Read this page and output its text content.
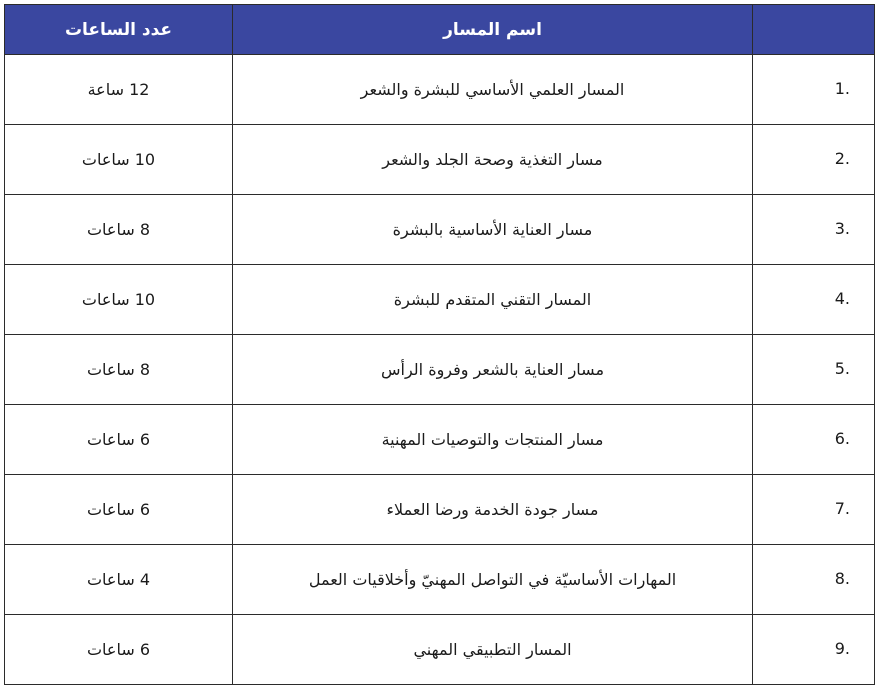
	اسم المسار	عدد الساعات
.1	المسار العلمي الأساسي للبشرة والشعر	12 ساعة
.2	مسار التغذية وصحة الجلد والشعر	10 ساعات
.3	مسار العناية الأساسية بالبشرة	8 ساعات
.4	المسار التقني المتقدم للبشرة	10 ساعات
.5	مسار العناية بالشعر وفروة الرأس	8 ساعات
.6	مسار المنتجات والتوصيات المهنية	6 ساعات
.7	مسار جودة الخدمة ورضا العملاء	6 ساعات
.8	المهارات الأساسيّة في التواصل المهنيّ وأخلاقيات العمل	4 ساعات
.9	المسار التطبيقي المهني	6 ساعات
